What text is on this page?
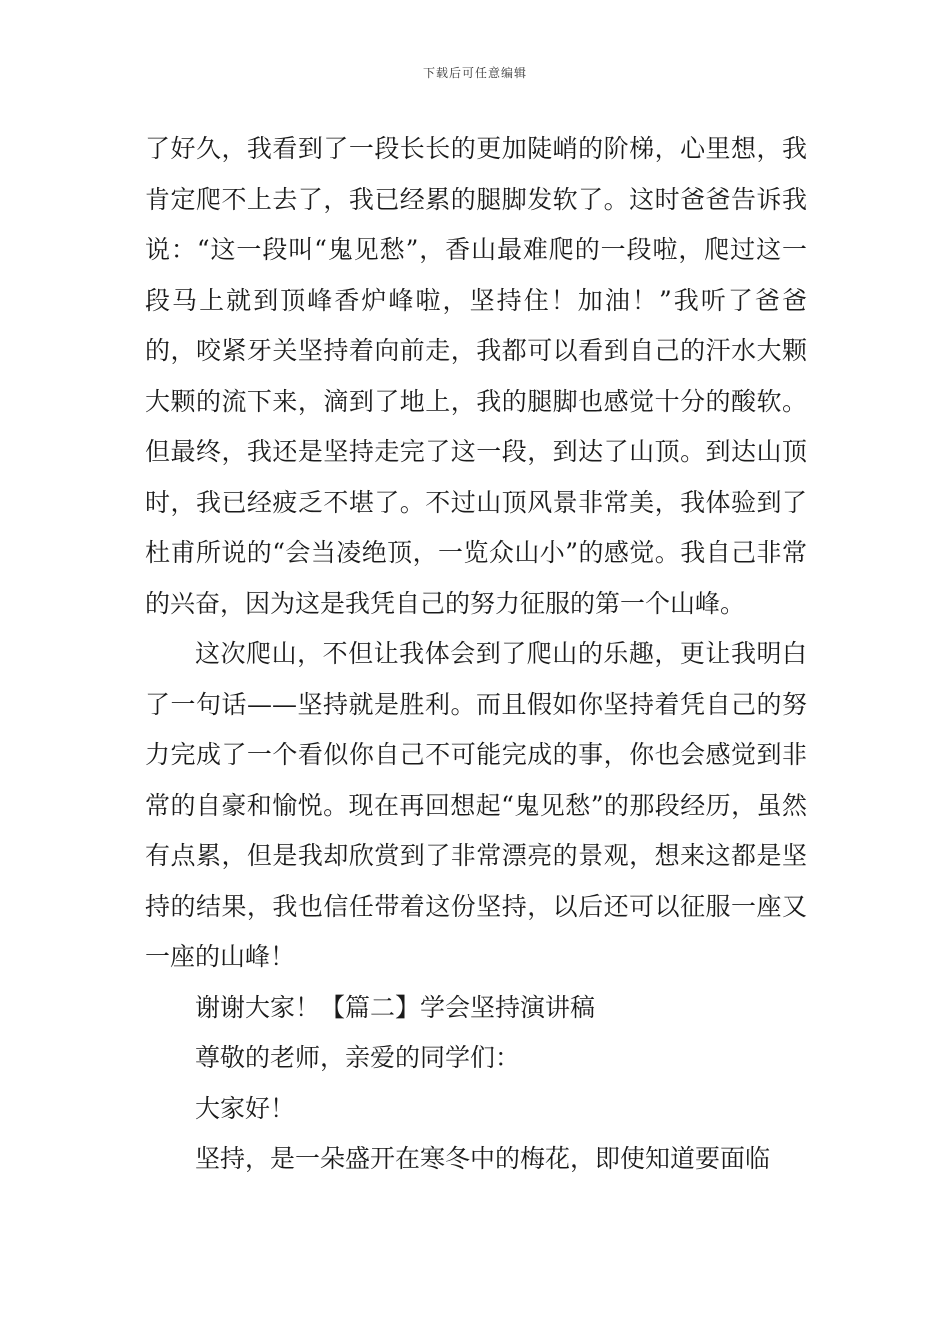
下载后可任意编辑

了好久，我看到了一段长长的更加陡峭的阶梯，心里想，我肯定爬不上去了，我已经累的腿脚发软了。这时爸爸告诉我说：“这一段叫“鬼见愁”，香山最难爬的一段啦，爬过这一段马上就到顶峰香炉峰啦，坚持住！加油！”我听了爸爸的，咬紧牙关坚持着向前走，我都可以看到自己的汗水大颗大颗的流下来，滴到了地上，我的腿脚也感觉十分的酸软。但最终，我还是坚持走完了这一段，到达了山顶。到达山顶时，我已经疲乏不堪了。不过山顶风景非常美，我体验到了杜甫所说的“会当凌绝顶，一览众山小”的感觉。我自己非常的兴奋，因为这是我凭自己的努力征服的第一个山峰。

这次爬山，不但让我体会到了爬山的乐趣，更让我明白了一句话——坚持就是胜利。而且假如你坚持着凭自己的努力完成了一个看似你自己不可能完成的事，你也会感觉到非常的自豪和愉悦。现在再回想起“鬼见愁”的那段经历，虽然有点累，但是我却欣赏到了非常漂亮的景观，想来这都是坚持的结果，我也信任带着这份坚持，以后还可以征服一座又一座的山峰！

谢谢大家！【篇二】学会坚持演讲稿

尊敬的老师，亲爱的同学们：

大家好！

坚持，是一朵盛开在寒冬中的梅花，即使知道要面临
